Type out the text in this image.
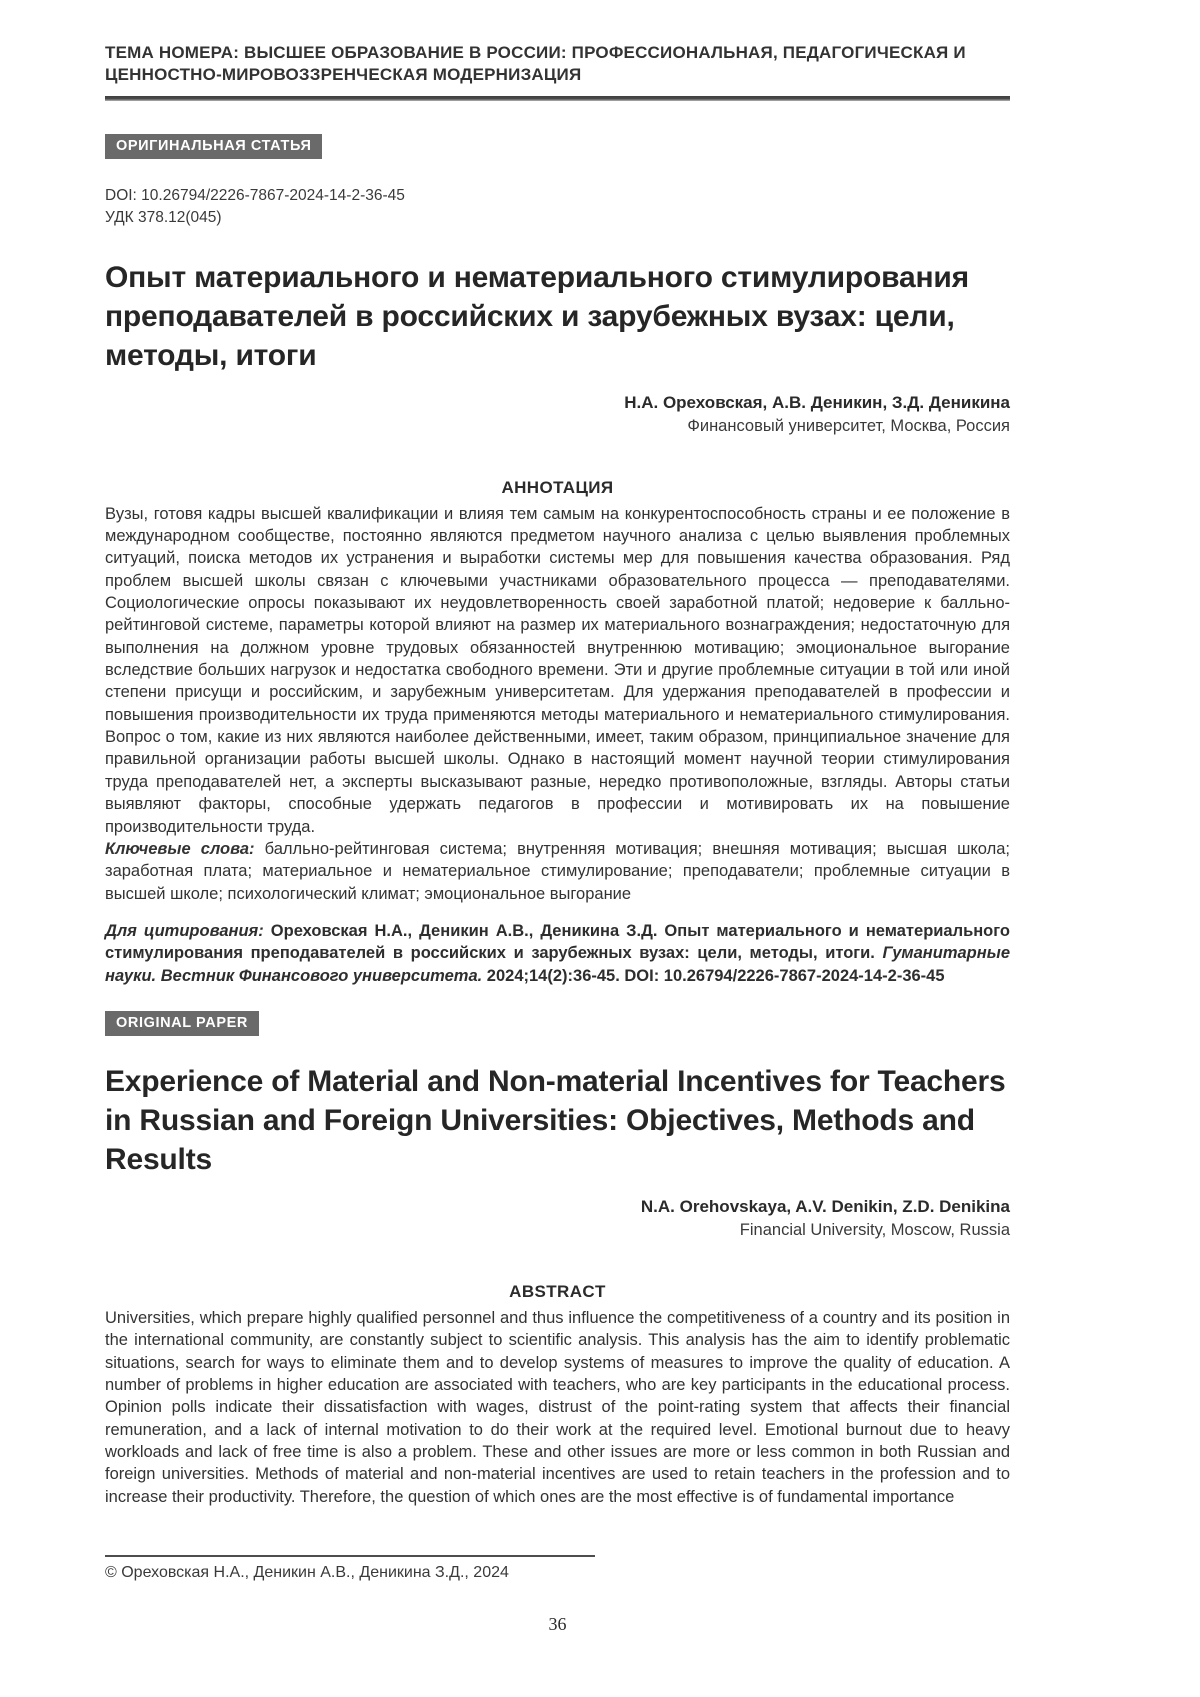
ТЕМА НОМЕРА: ВЫСШЕЕ ОБРАЗОВАНИЕ В РОССИИ: ПРОФЕССИОНАЛЬНАЯ, ПЕДАГОГИЧЕСКАЯ И ЦЕННОСТНО-МИРОВОЗЗРЕНЧЕСКАЯ МОДЕРНИЗАЦИЯ
ОРИГИНАЛЬНАЯ СТАТЬЯ
DOI: 10.26794/2226-7867-2024-14-2-36-45
УДК 378.12(045)
Опыт материального и нематериального стимулирования преподавателей в российских и зарубежных вузах: цели, методы, итоги
Н.А. Ореховская, А.В. Деникин, З.Д. Деникина
Финансовый университет, Москва, Россия
АННОТАЦИЯ
Вузы, готовя кадры высшей квалификации и влияя тем самым на конкурентоспособность страны и ее положение в международном сообществе, постоянно являются предметом научного анализа с целью выявления проблемных ситуаций, поиска методов их устранения и выработки системы мер для повышения качества образования. Ряд проблем высшей школы связан с ключевыми участниками образовательного процесса — преподавателями. Социологические опросы показывают их неудовлетворенность своей заработной платой; недоверие к балльно-рейтинговой системе, параметры которой влияют на размер их материального вознаграждения; недостаточную для выполнения на должном уровне трудовых обязанностей внутреннюю мотивацию; эмоциональное выгорание вследствие больших нагрузок и недостатка свободного времени. Эти и другие проблемные ситуации в той или иной степени присущи и российским, и зарубежным университетам. Для удержания преподавателей в профессии и повышения производительности их труда применяются методы материального и нематериального стимулирования. Вопрос о том, какие из них являются наиболее действенными, имеет, таким образом, принципиальное значение для правильной организации работы высшей школы. Однако в настоящий момент научной теории стимулирования труда преподавателей нет, а эксперты высказывают разные, нередко противоположные, взгляды. Авторы статьи выявляют факторы, способные удержать педагогов в профессии и мотивировать их на повышение производительности труда.
Ключевые слова: балльно-рейтинговая система; внутренняя мотивация; внешняя мотивация; высшая школа; заработная плата; материальное и нематериальное стимулирование; преподаватели; проблемные ситуации в высшей школе; психологический климат; эмоциональное выгорание
Для цитирования: Ореховская Н.А., Деникин А.В., Деникина З.Д. Опыт материального и нематериального стимулирования преподавателей в российских и зарубежных вузах: цели, методы, итоги. Гуманитарные науки. Вестник Финансового университета. 2024;14(2):36-45. DOI: 10.26794/2226-7867-2024-14-2-36-45
ORIGINAL PAPER
Experience of Material and Non-material Incentives for Teachers in Russian and Foreign Universities: Objectives, Methods and Results
N.A. Orehovskaya, A.V. Denikin, Z.D. Denikina
Financial University, Moscow, Russia
ABSTRACT
Universities, which prepare highly qualified personnel and thus influence the competitiveness of a country and its position in the international community, are constantly subject to scientific analysis. This analysis has the aim to identify problematic situations, search for ways to eliminate them and to develop systems of measures to improve the quality of education. A number of problems in higher education are associated with teachers, who are key participants in the educational process. Opinion polls indicate their dissatisfaction with wages, distrust of the point-rating system that affects their financial remuneration, and a lack of internal motivation to do their work at the required level. Emotional burnout due to heavy workloads and lack of free time is also a problem. These and other issues are more or less common in both Russian and foreign universities. Methods of material and non-material incentives are used to retain teachers in the profession and to increase their productivity. Therefore, the question of which ones are the most effective is of fundamental importance
© Ореховская Н.А., Деникин А.В., Деникина З.Д., 2024
36
